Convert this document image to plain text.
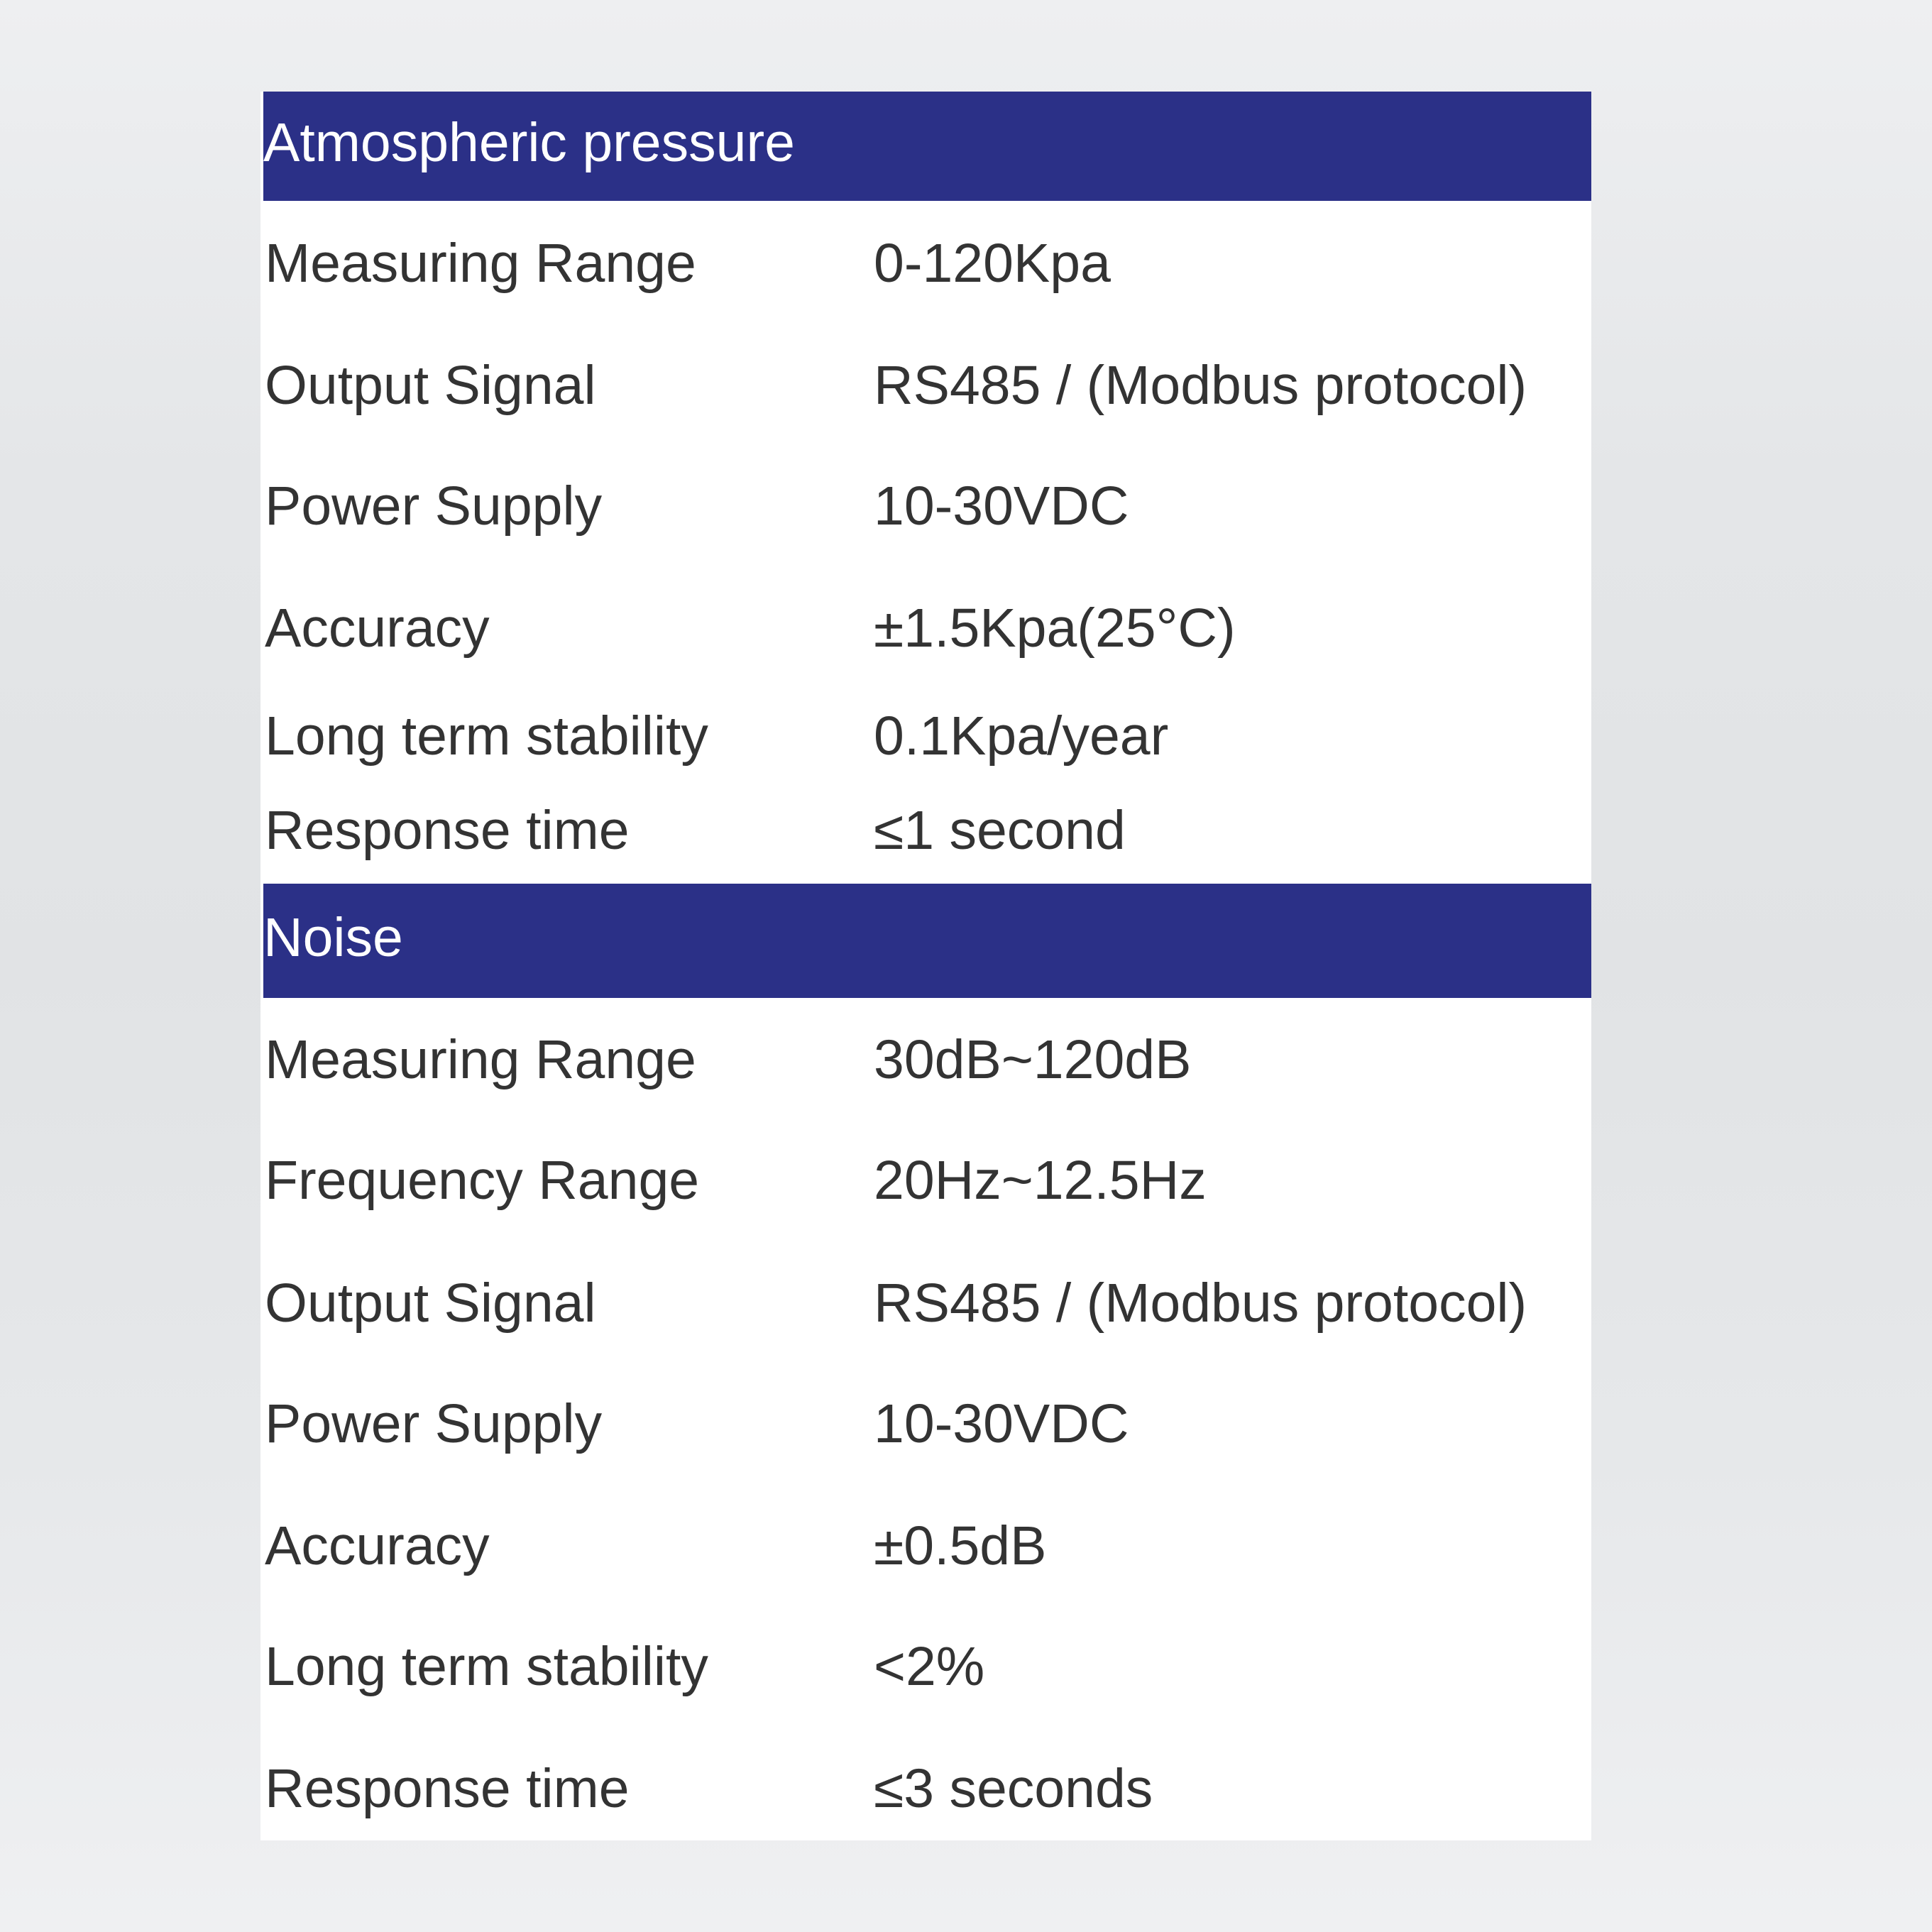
Atmospheric pressure
Measuring Range	0-120Kpa
Output Signal	RS485 / (Modbus protocol)
Power Supply	10-30VDC
Accuracy	±1.5Kpa(25°C)
Long term stability	0.1Kpa/year
Response time	≤1 second
Noise
Measuring Range	30dB~120dB
Frequency Range	20Hz~12.5Hz
Output Signal	RS485 / (Modbus protocol)
Power Supply	10-30VDC
Accuracy	±0.5dB
Long term stability	<2%
Response time	≤3 seconds
